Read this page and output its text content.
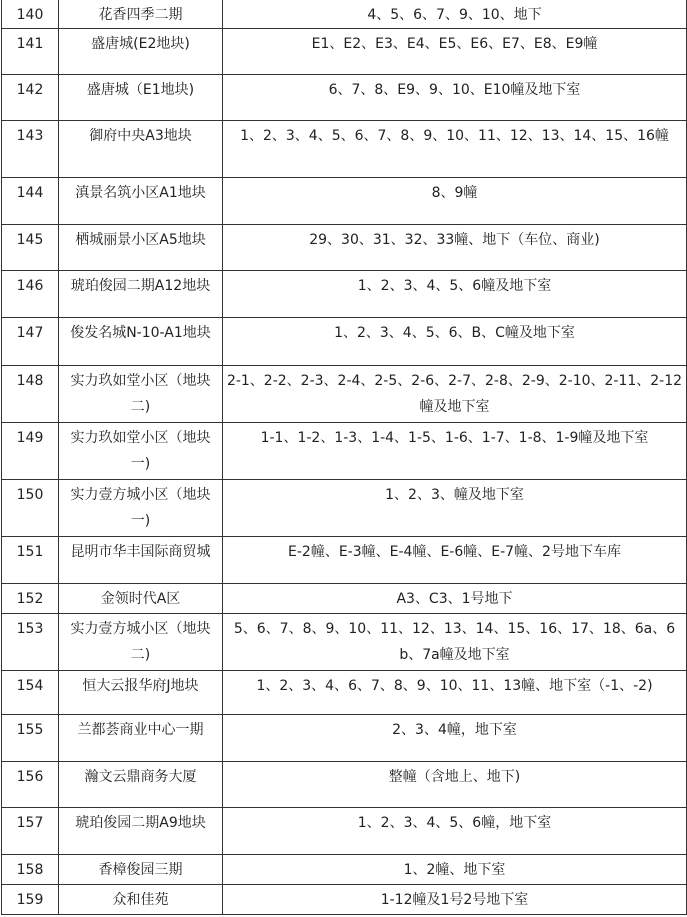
140	花香四季二期	4、5、6、7、9、10、地下
141	盛唐城(E2地块)	E1、E2、E3、E4、E5、E6、E7、E8、E9幢
142	盛唐城（E1地块)	6、7、8、E9、9、10、E10幢及地下室
143	御府中央A3地块	1、2、3、4、5、6、7、8、9、10、11、12、13、14、15、16幢
144	滇景名筑小区A1地块	8、9幢
145	栖城丽景小区A5地块	29、30、31、32、33幢、地下（车位、商业)
146	琥珀俊园二期A12地块	1、2、3、4、5、6幢及地下室
147	俊发名城N-10-A1地块	1、2、3、4、5、6、B、C幢及地下室
148	实力玖如堂小区（地块二)	2-1、2-2、2-3、2-4、2-5、2-6、2-7、2-8、2-9、2-10、2-11、2-12幢及地下室
149	实力玖如堂小区（地块一)	1-1、1-2、1-3、1-4、1-5、1-6、1-7、1-8、1-9幢及地下室
150	实力壹方城小区（地块一)	1、2、3、幢及地下室
151	昆明市华丰国际商贸城	E-2幢、E-3幢、E-4幢、E-6幢、E-7幢、2号地下车库
152	金领时代A区	A3、C3、1号地下
153	实力壹方城小区（地块二)	5、6、7、8、9、10、11、12、13、14、15、16、17、18、6a、6b、7a幢及地下室
154	恒大云报华府J地块	1、2、3、4、6、7、8、9、10、11、13幢、地下室（-1、-2)
155	兰都荟商业中心一期	2、3、4幢，地下室
156	瀚文云鼎商务大厦	整幢（含地上、地下)
157	琥珀俊园二期A9地块	1、2、3、4、5、6幢，地下室
158	香樟俊园三期	1、2幢、地下室
159	众和佳苑	1-12幢及1号2号地下室
